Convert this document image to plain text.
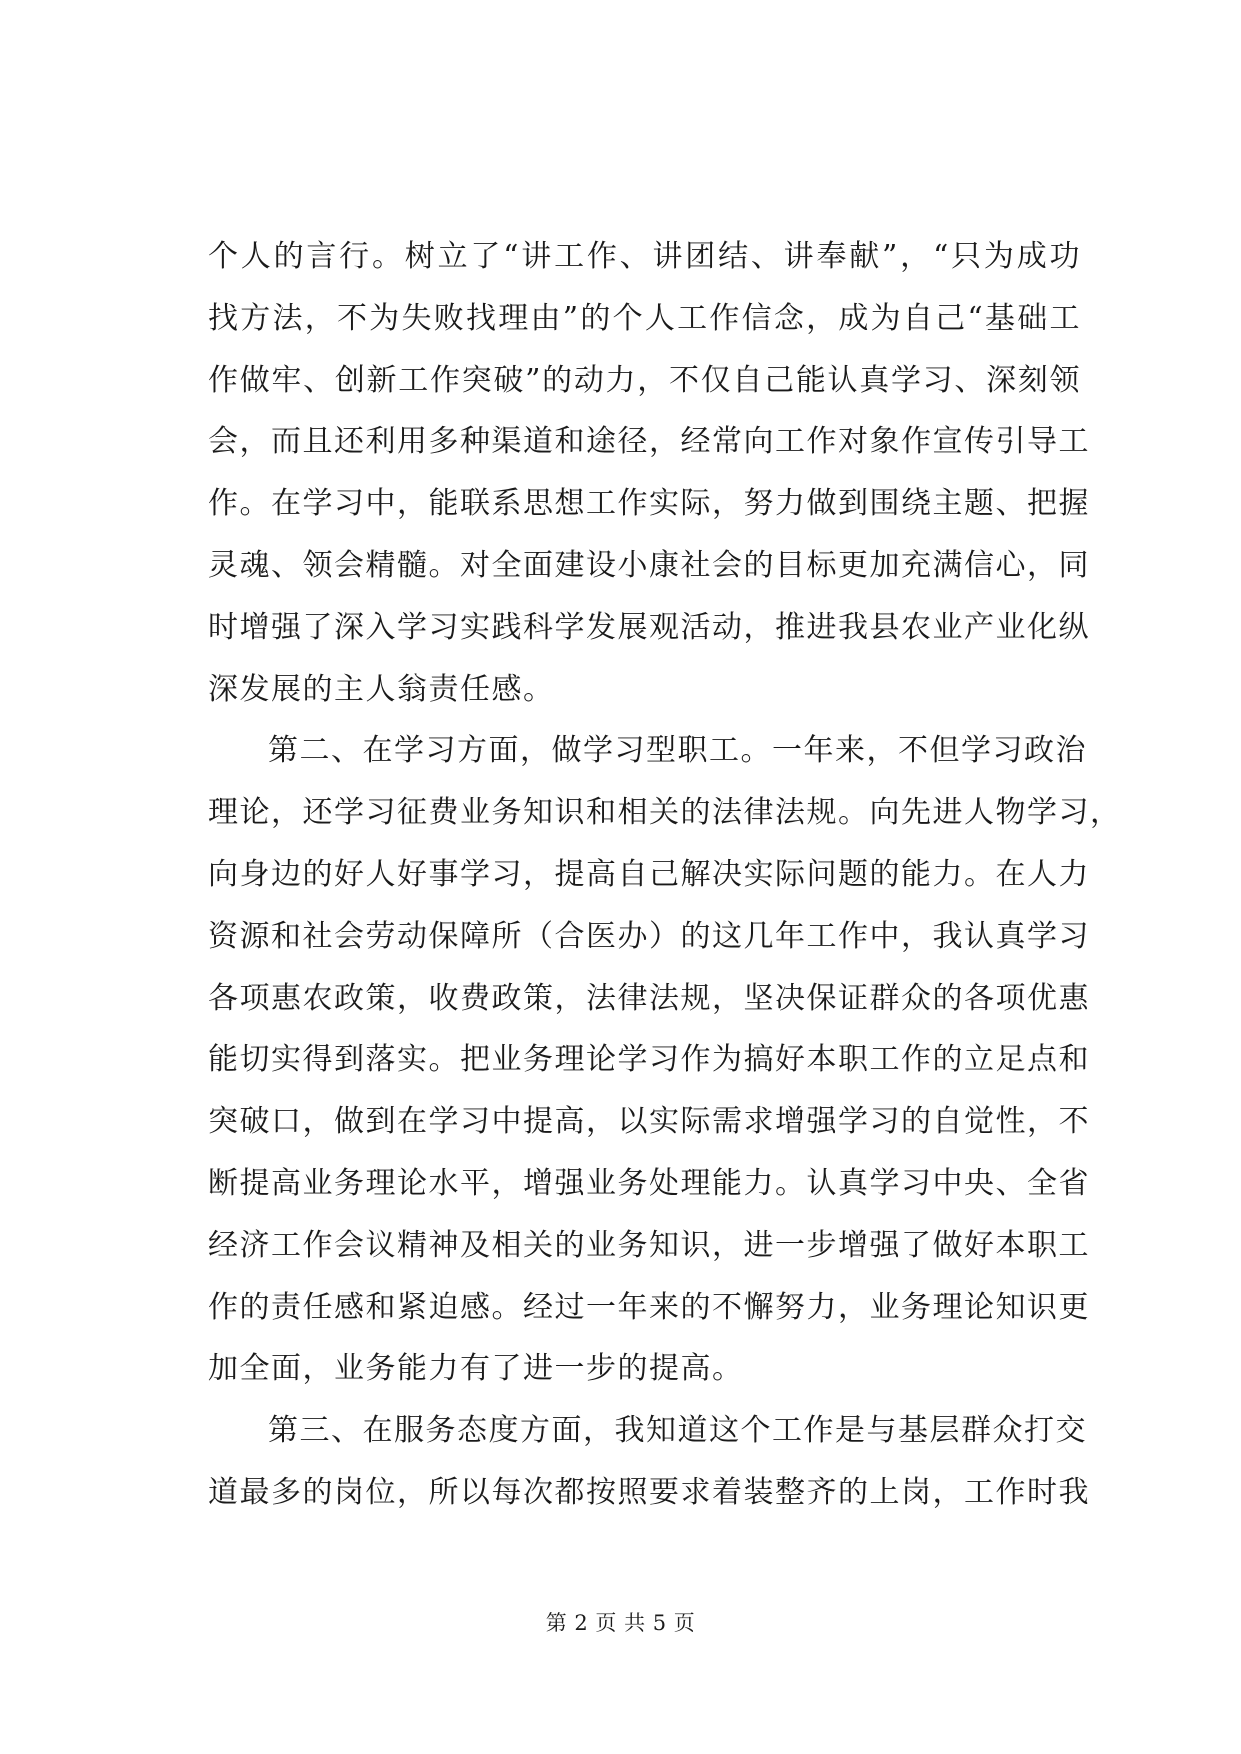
个人的言行。树立了“讲工作、讲团结、讲奉献”，“只为成功
找方法，不为失败找理由”的个人工作信念，成为自己“基础工
作做牢、创新工作突破”的动力，不仅自己能认真学习、深刻领
会，而且还利用多种渠道和途径，经常向工作对象作宣传引导工
作。在学习中，能联系思想工作实际，努力做到围绕主题、把握
灵魂、领会精髓。对全面建设小康社会的目标更加充满信心，同
时增强了深入学习实践科学发展观活动，推进我县农业产业化纵
深发展的主人翁责任感。
第二、在学习方面，做学习型职工。一年来，不但学习政治
理论，还学习征费业务知识和相关的法律法规。向先进人物学习，
向身边的好人好事学习，提高自己解决实际问题的能力。在人力
资源和社会劳动保障所（合医办）的这几年工作中，我认真学习
各项惠农政策，收费政策，法律法规，坚决保证群众的各项优惠
能切实得到落实。把业务理论学习作为搞好本职工作的立足点和
突破口，做到在学习中提高，以实际需求增强学习的自觉性，不
断提高业务理论水平，增强业务处理能力。认真学习中央、全省
经济工作会议精神及相关的业务知识，进一步增强了做好本职工
作的责任感和紧迫感。经过一年来的不懈努力，业务理论知识更
加全面，业务能力有了进一步的提高。
第三、在服务态度方面，我知道这个工作是与基层群众打交
道最多的岗位，所以每次都按照要求着装整齐的上岗，工作时我
第 2 页 共 5 页
